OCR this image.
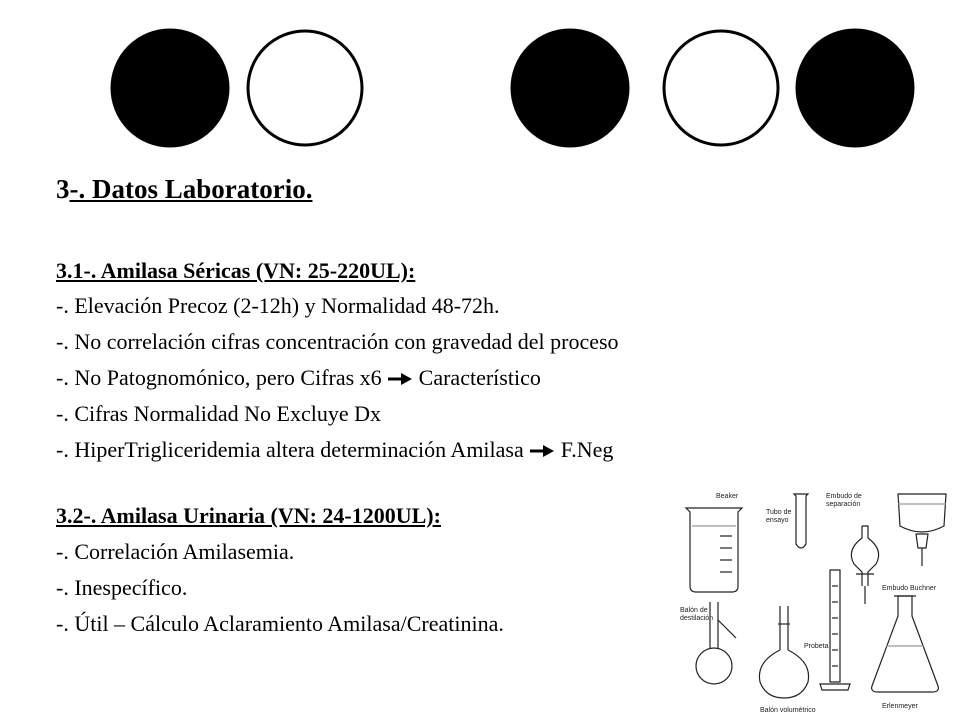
3-. Datos Laboratorio.
3.1-. Amilasa Séricas (VN: 25-220UL):
-. Elevación Precoz (2-12h) y Normalidad 48-72h.
-. No correlación cifras concentración con gravedad del proceso
-. No Patognomónico, pero Cifras x6  Característico
-. Cifras Normalidad No Excluye Dx
-. HiperTrigliceridemia altera determinación Amilasa  F.Neg
3.2-. Amilasa Urinaria (VN: 24-1200UL):
-. Correlación Amilasemia.
-. Inespecífico.
-. Útil – Cálculo Aclaramiento Amilasa/Creatinina.
Beaker
Tubo de
ensayo
Embudo de
separación
Embudo Buchner
Balón de
destilación
Probeta
Balón volumétrico
Erlenmeyer
